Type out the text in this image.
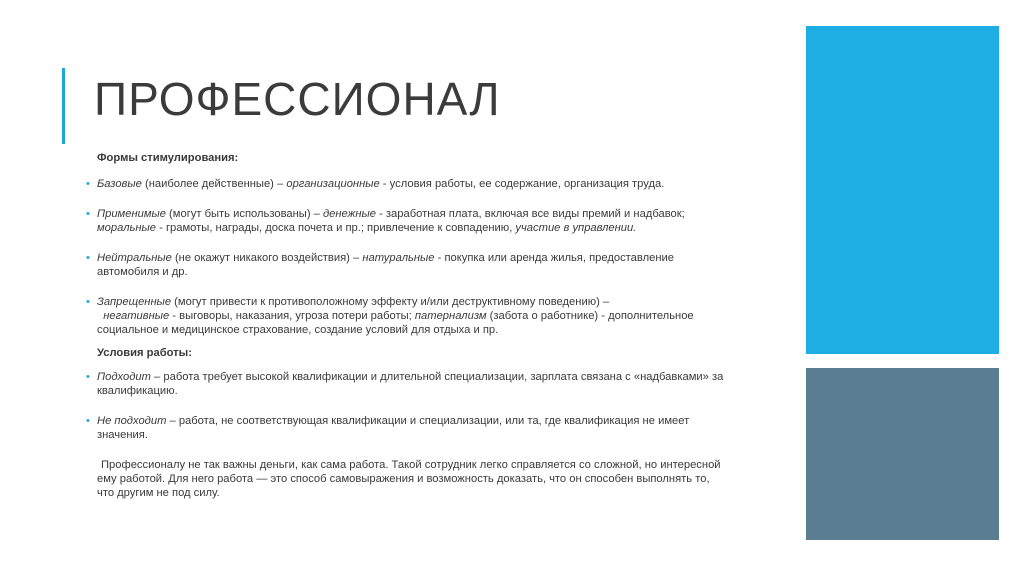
ПРОФЕССИОНАЛ
Формы стимулирования:
• Базовые (наиболее действенные) – организационные - условия работы, ее содержание, организация труда.
• Применимые (могут быть использованы) – денежные - заработная плата, включая все виды премий и надбавок; моральные - грамоты, награды, доска почета и пр.; привлечение к совпадению, участие в управлении.
• Нейтральные (не окажут никакого воздействия) – натуральные - покупка или аренда жилья, предоставление автомобиля и др.
• Запрещенные (могут привести к противоположному эффекту и/или деструктивному поведению) –
негативные - выговоры, наказания, угроза потери работы; патернализм (забота о работнике) - дополнительное социальное и медицинское страхование, создание условий для отдыха и пр.
Условия работы:
• Подходит – работа требует высокой квалификации и длительной специализации, зарплата связана с «надбавками» за квалификацию.
• Не подходит – работа, не соответствующая квалификации и специализации, или та, где квалификация не имеет значения.
Профессионалу не так важны деньги, как сама работа. Такой сотрудник легко справляется со сложной, но интересной ему работой. Для него работа — это способ самовыражения и возможность доказать, что он способен выполнять то, что другим не под силу.
